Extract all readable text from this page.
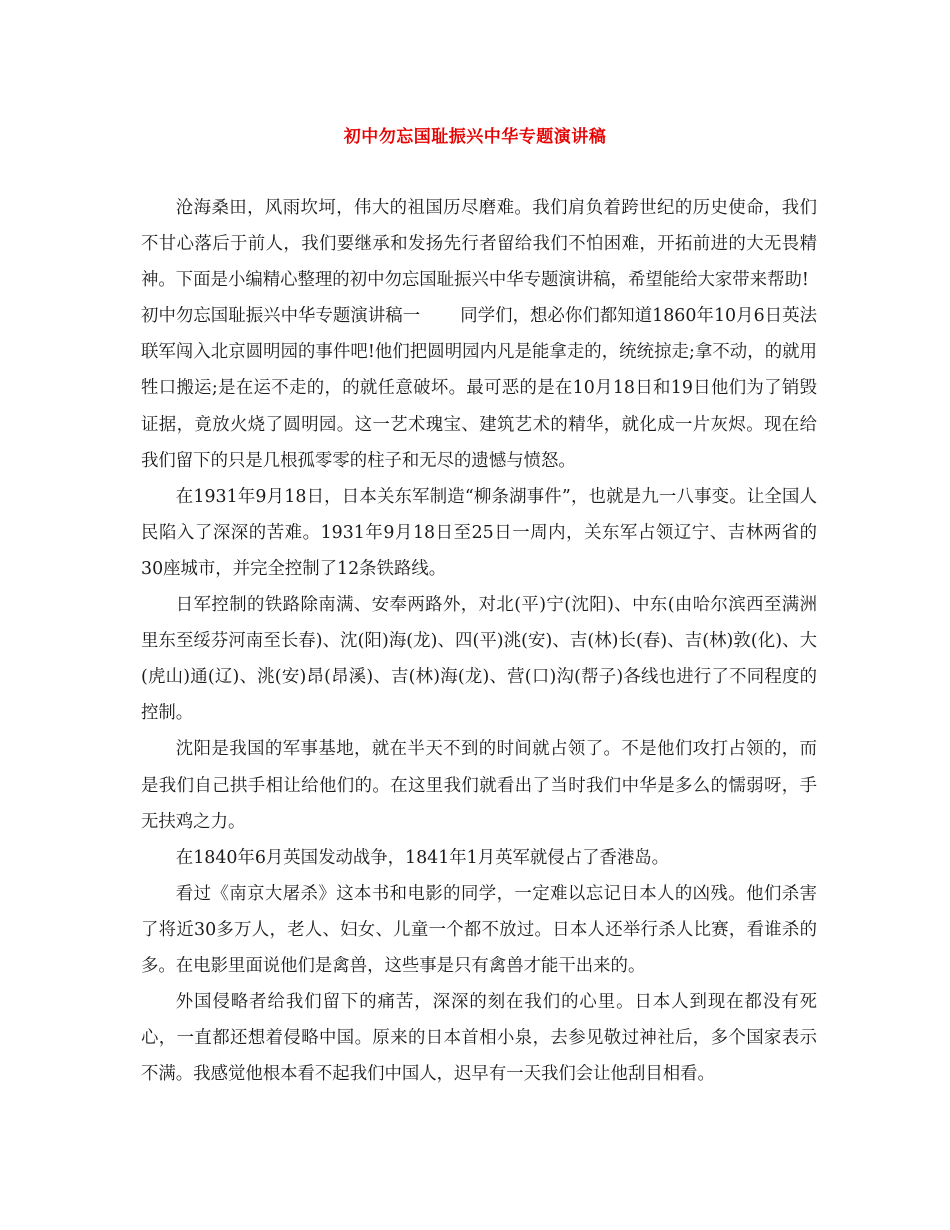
初中勿忘国耻振兴中华专题演讲稿

沧海桑田，风雨坎坷，伟大的祖国历尽磨难。我们肩负着跨世纪的历史使命，我们不甘心落后于前人，我们要继承和发扬先行者留给我们不怕困难，开拓前进的大无畏精神。下面是小编精心整理的初中勿忘国耻振兴中华专题演讲稿，希望能给大家带来帮助!

初中勿忘国耻振兴中华专题演讲稿一 同学们，想必你们都知道1860年10月6日英法联军闯入北京圆明园的事件吧!他们把圆明园内凡是能拿走的，统统掠走;拿不动，的就用牲口搬运;是在运不走的，的就任意破坏。最可恶的是在10月18日和19日他们为了销毁证据，竟放火烧了圆明园。这一艺术瑰宝、建筑艺术的精华，就化成一片灰烬。现在给我们留下的只是几根孤零零的柱子和无尽的遗憾与愤怒。

在1931年9月18日，日本关东军制造“柳条湖事件”，也就是九一八事变。让全国人民陷入了深深的苦难。1931年9月18日至25日一周内，关东军占领辽宁、吉林两省的30座城市，并完全控制了12条铁路线。

日军控制的铁路除南满、安奉两路外，对北(平)宁(沈阳)、中东(由哈尔滨西至满洲里东至绥芬河南至长春)、沈(阳)海(龙)、四(平)洮(安)、吉(林)长(春)、吉(林)敦(化)、大(虎山)通(辽)、洮(安)昂(昂溪)、吉(林)海(龙)、营(口)沟(帮子)各线也进行了不同程度的控制。

沈阳是我国的军事基地，就在半天不到的时间就占领了。不是他们攻打占领的，而是我们自己拱手相让给他们的。在这里我们就看出了当时我们中华是多么的懦弱呀，手无扶鸡之力。

在1840年6月英国发动战争，1841年1月英军就侵占了香港岛。

看过《南京大屠杀》这本书和电影的同学，一定难以忘记日本人的凶残。他们杀害了将近30多万人，老人、妇女、儿童一个都不放过。日本人还举行杀人比赛，看谁杀的多。在电影里面说他们是禽兽，这些事是只有禽兽才能干出来的。

外国侵略者给我们留下的痛苦，深深的刻在我们的心里。日本人到现在都没有死心，一直都还想着侵略中国。原来的日本首相小泉，去参见敬过神社后，多个国家表示不满。我感觉他根本看不起我们中国人，迟早有一天我们会让他刮目相看。
